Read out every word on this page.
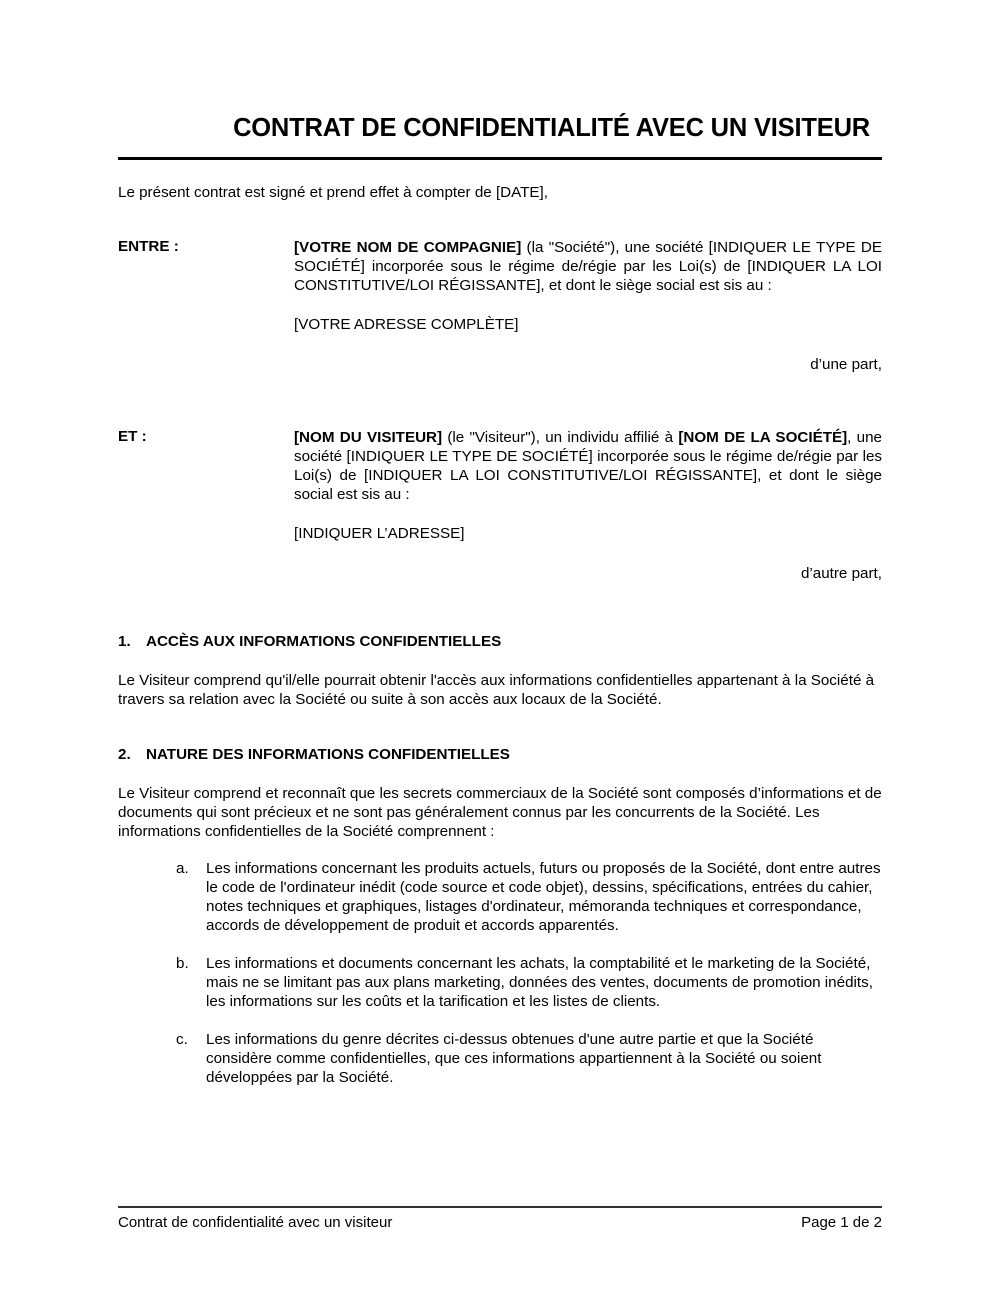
CONTRAT DE CONFIDENTIALITÉ AVEC UN VISITEUR

Le présent contrat est signé et prend effet à compter de [DATE],

ENTRE :	[VOTRE NOM DE COMPAGNIE] (la "Société"), une société [INDIQUER LE TYPE DE SOCIÉTÉ] incorporée sous le régime de/régie par les Loi(s) de [INDIQUER LA LOI CONSTITUTIVE/LOI RÉGISSANTE], et dont le siège social est sis au :

[VOTRE ADRESSE COMPLÈTE]

d’une part,

ET :	[NOM DU VISITEUR] (le "Visiteur"), un individu affilié à [NOM DE LA SOCIÉTÉ], une société [INDIQUER LE TYPE DE SOCIÉTÉ] incorporée sous le régime de/régie par les Loi(s) de [INDIQUER LA LOI CONSTITUTIVE/LOI RÉGISSANTE], et dont le siège social est sis au :

[INDIQUER L’ADRESSE]

d’autre part,

1. ACCÈS AUX INFORMATIONS CONFIDENTIELLES

Le Visiteur comprend qu'il/elle pourrait obtenir l'accès aux informations confidentielles appartenant à la Société à travers sa relation avec la Société ou suite à son accès aux locaux de la Société.

2. NATURE DES INFORMATIONS CONFIDENTIELLES

Le Visiteur comprend et reconnaît que les secrets commerciaux de la Société sont composés d’informations et de documents qui sont précieux et ne sont pas généralement connus par les concurrents de la Société. Les informations confidentielles de la Société comprennent :

a. Les informations concernant les produits actuels, futurs ou proposés de la Société, dont entre autres le code de l'ordinateur inédit (code source et code objet), dessins, spécifications, entrées du cahier, notes techniques et graphiques, listages d'ordinateur, mémoranda techniques et correspondance, accords de développement de produit et accords apparentés.
b. Les informations et documents concernant les achats, la comptabilité et le marketing de la Société, mais ne se limitant pas aux plans marketing, données des ventes, documents de promotion inédits, les informations sur les coûts et la tarification et les listes de clients.
c. Les informations du genre décrites ci-dessus obtenues d'une autre partie et que la Société considère comme confidentielles, que ces informations appartiennent à la Société ou soient développées par la Société.
Contrat de confidentialité avec un visiteur	Page 1 de 2
